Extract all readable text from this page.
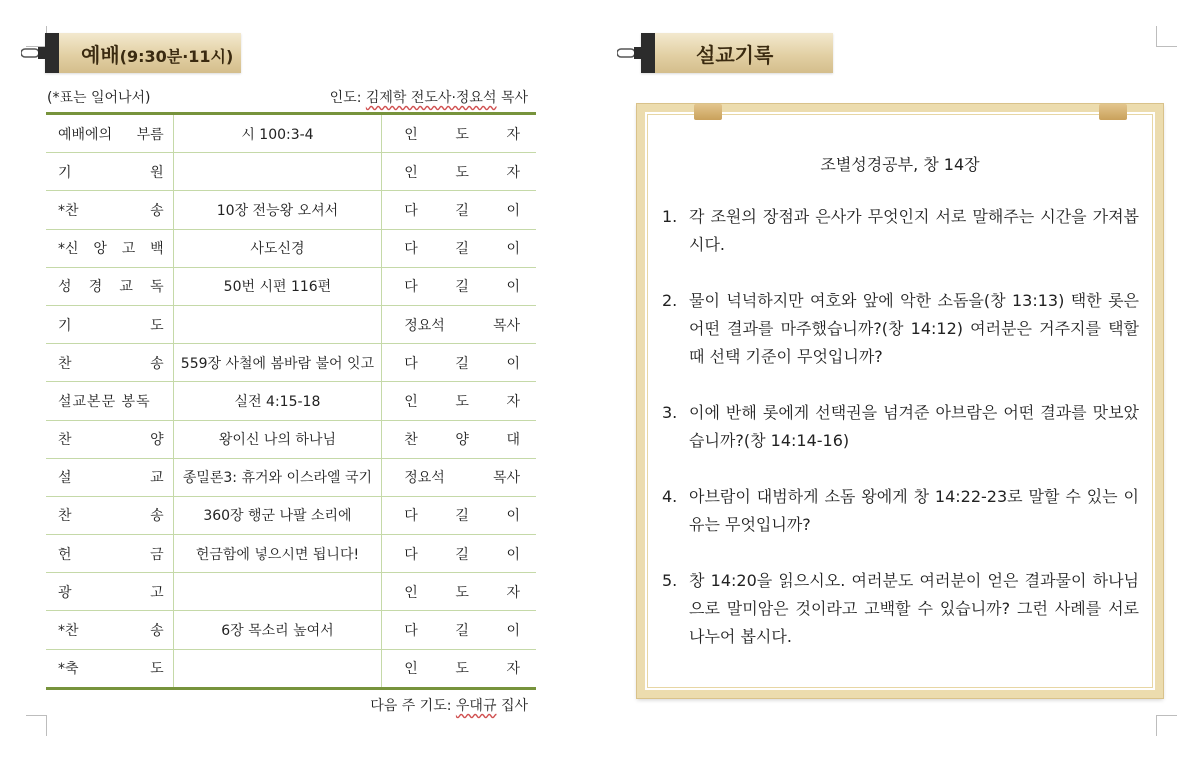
예배(9:30분·11시)
(*표는 일어나서)	인도: 김제학 전도사·정요석 목사
예배에의 부름	시 100:3-4	인 도 자

기 원		인 도 자

*찬 송	10장 전능왕 오셔서	다 길 이

*신 앙 고 백	사도신경	다 길 이

성 경 교 독	50번 시편 116편	다 길 이

기 도		정요석 목사

찬 송	559장 사철에 봄바람 불어 잇고	다 길 이

설교본문 봉독	실전 4:15-18	인 도 자

찬 양	왕이신 나의 하나님	찬 양 대

설 교	종밀론3: 휴거와 이스라엘 국기	정요석 목사

찬 송	360장 행군 나팔 소리에	다 길 이

헌 금	헌금함에 넣으시면 됩니다!	다 길 이

광 고		인 도 자

*찬 송	6장 목소리 높여서	다 길 이

*축 도		인 도 자
다음 주 기도: 우대규 집사
설교기록
조별성경공부, 창 14장
1. 각 조원의 장점과 은사가 무엇인지 서로 말해주는 시간을 가져봅시다.
2. 물이 넉넉하지만 여호와 앞에 악한 소돔을(창 13:13) 택한 롯은 어떤 결과를 마주했습니까?(창 14:12) 여러분은 거주지를 택할 때 선택 기준이 무엇입니까?
3. 이에 반해 롯에게 선택권을 넘겨준 아브람은 어떤 결과를 맛보았습니까?(창 14:14-16)
4. 아브람이 대범하게 소돔 왕에게 창 14:22-23로 말할 수 있는 이유는 무엇입니까?
5. 창 14:20을 읽으시오. 여러분도 여러분이 얻은 결과물이 하나님으로 말미암은 것이라고 고백할 수 있습니까? 그런 사례를 서로 나누어 봅시다.
